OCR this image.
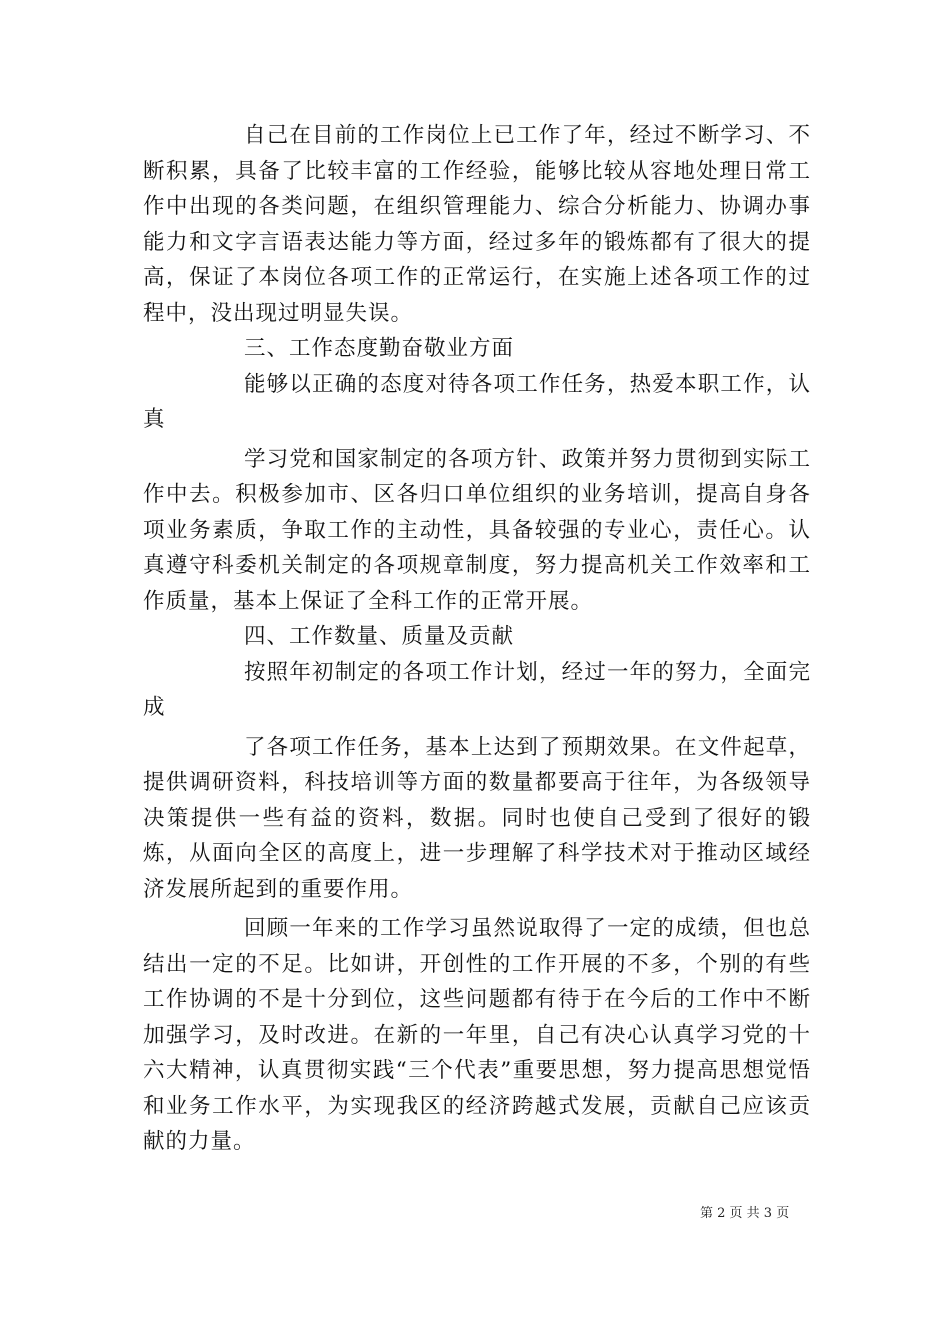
自己在目前的工作岗位上已工作了年，经过不断学习、不断积累，具备了比较丰富的工作经验，能够比较从容地处理日常工作中出现的各类问题，在组织管理能力、综合分析能力、协调办事能力和文字言语表达能力等方面，经过多年的锻炼都有了很大的提高，保证了本岗位各项工作的正常运行，在实施上述各项工作的过程中，没出现过明显失误。

三、工作态度勤奋敬业方面

能够以正确的态度对待各项工作任务，热爱本职工作，认真

学习党和国家制定的各项方针、政策并努力贯彻到实际工作中去。积极参加市、区各归口单位组织的业务培训，提高自身各项业务素质，争取工作的主动性，具备较强的专业心，责任心。认真遵守科委机关制定的各项规章制度，努力提高机关工作效率和工作质量，基本上保证了全科工作的正常开展。

四、工作数量、质量及贡献

按照年初制定的各项工作计划，经过一年的努力，全面完成

了各项工作任务，基本上达到了预期效果。在文件起草，提供调研资料，科技培训等方面的数量都要高于往年，为各级领导决策提供一些有益的资料，数据。同时也使自己受到了很好的锻炼，从面向全区的高度上，进一步理解了科学技术对于推动区域经济发展所起到的重要作用。

回顾一年来的工作学习虽然说取得了一定的成绩，但也总结出一定的不足。比如讲，开创性的工作开展的不多，个别的有些工作协调的不是十分到位，这些问题都有待于在今后的工作中不断加强学习，及时改进。在新的一年里，自己有决心认真学习党的十六大精神，认真贯彻实践“三个代表”重要思想，努力提高思想觉悟和业务工作水平，为实现我区的经济跨越式发展，贡献自己应该贡献的力量。

第 2 页 共 3 页
